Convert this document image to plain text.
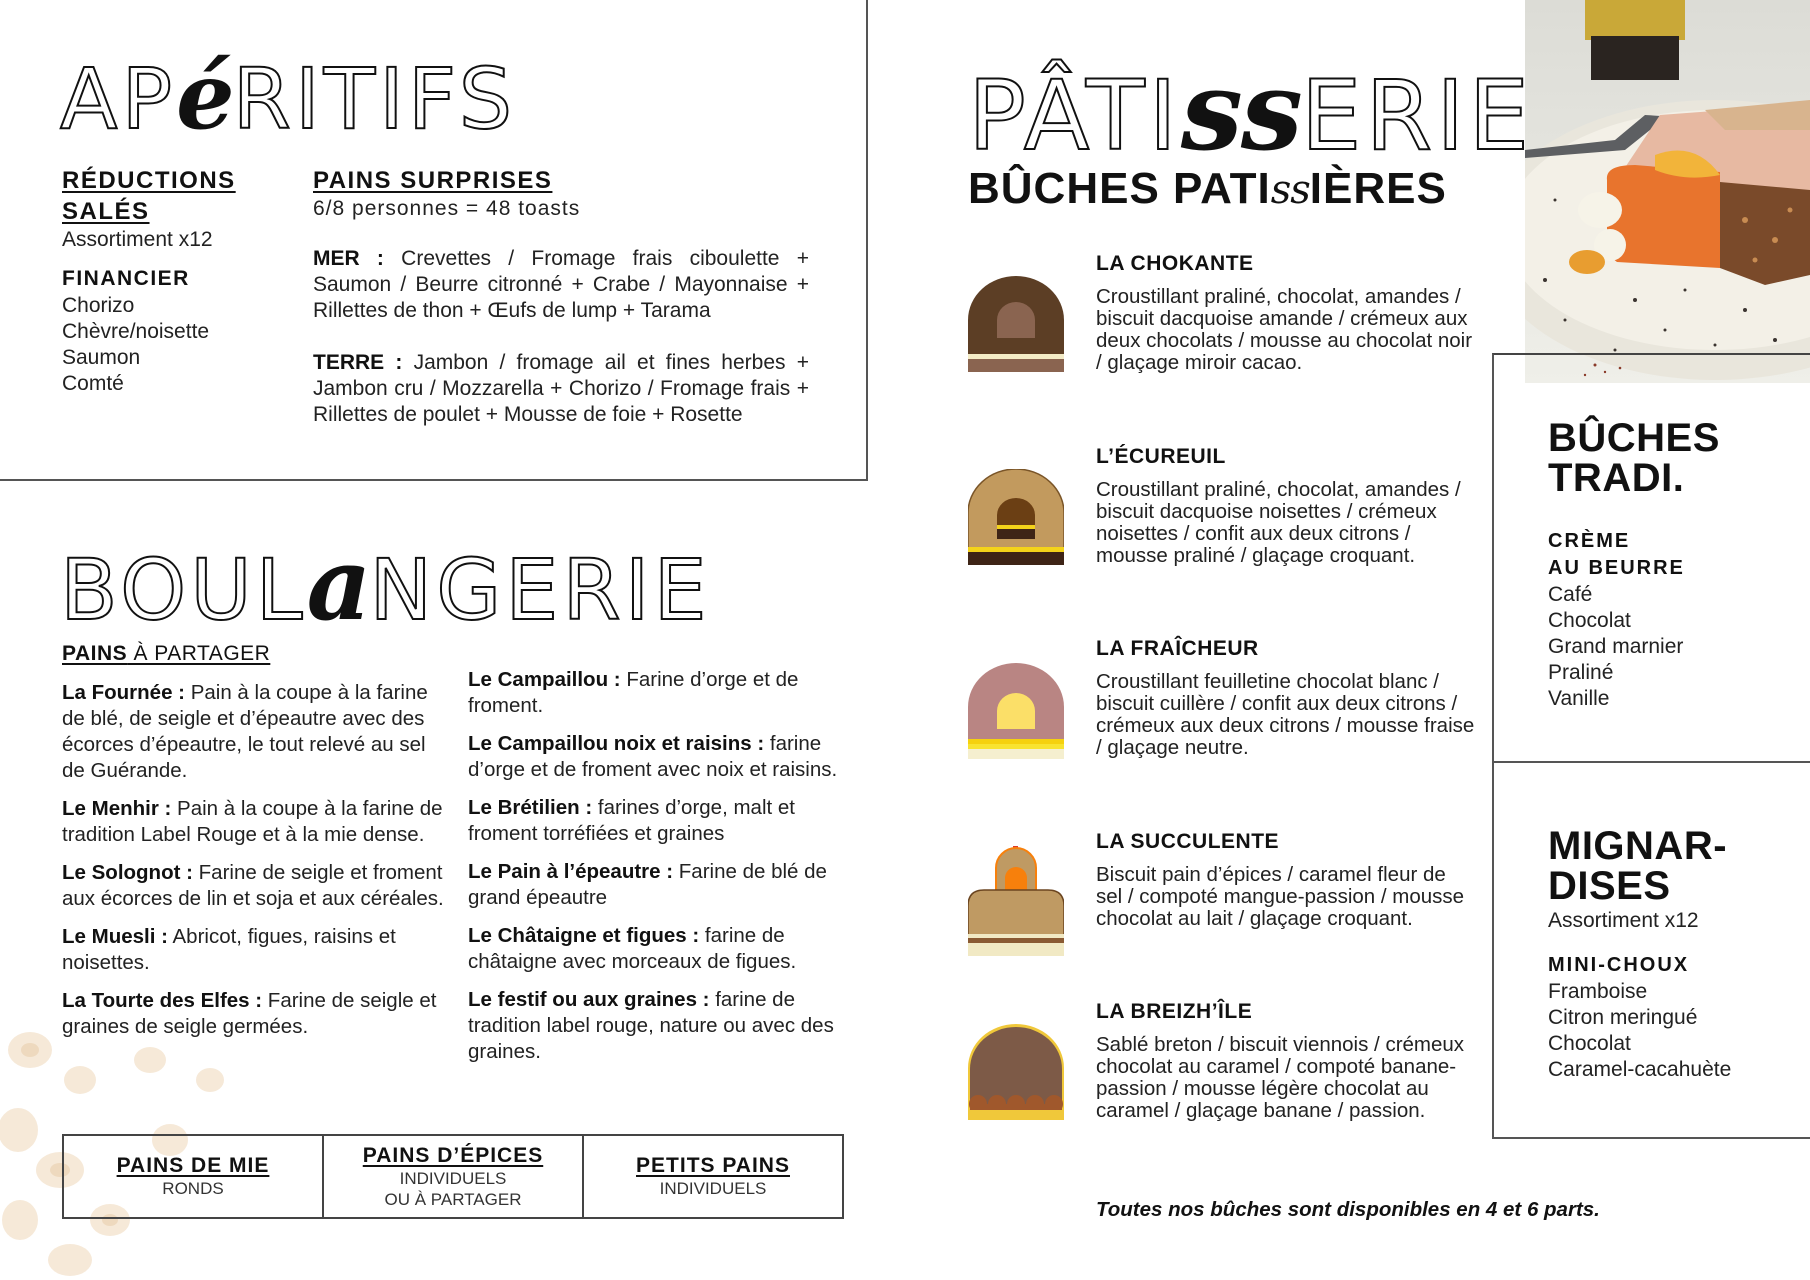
APéRITIFS
RÉDUCTIONS SALÉS
Assortiment x12
FINANCIER
Chorizo
Chèvre/noisette
Saumon
Comté
PAINS SURPRISES
6/8 personnes = 48 toasts

MER : Crevettes / Fromage frais ciboulette + Saumon / Beurre citronné + Crabe / Mayonnaise + Rillettes de thon + Œufs de lump + Tarama

TERRE : Jambon / fromage ail et fines herbes + Jambon cru / Mozzarella + Chorizo / Fromage frais + Rillettes de poulet + Mousse de foie + Rosette

BOULaNGERIE
PAINS À PARTAGER
La Fournée : Pain à la coupe à la farine de blé, de seigle et d’épeautre avec des écorces d’épeautre, le tout relevé au sel de Guérande.
Le Menhir : Pain à la coupe à la farine de tradition Label Rouge et à la mie dense.
Le Solognot : Farine de seigle et froment aux écorces de lin et soja et aux céréales.
Le Muesli : Abricot, figues, raisins et noisettes.
La Tourte des Elfes : Farine de seigle et graines de seigle germées.
Le Campaillou : Farine d’orge et de froment.
Le Campaillou noix et raisins : farine d’orge et de froment avec noix et raisins.
Le Brétilien : farines d’orge, malt et froment torréfiées et graines
Le Pain à l’épeautre : Farine de blé de grand épeautre
Le Châtaigne et figues : farine de châtaigne avec morceaux de figues.
Le festif ou aux graines : farine de tradition label rouge, nature ou avec des graines.
PAINS DE MIE
RONDS
PAINS D’ÉPICES
INDIVIDUELS
OU À PARTAGER
PETITS PAINS
INDIVIDUELS
PÂTIssERIE
BÛCHES PATIssIÈRES
LA CHOKANTE
Croustillant praliné, chocolat, amandes / biscuit dacquoise amande / crémeux aux deux chocolats / mousse au chocolat noir / glaçage miroir cacao.
L’ÉCUREUIL
Croustillant praliné, chocolat, amandes / biscuit dacquoise noisettes / crémeux noisettes / confit aux deux citrons / mousse praliné / glaçage croquant.
LA FRAÎCHEUR
Croustillant feuilletine chocolat blanc / biscuit cuillère / confit aux deux citrons / crémeux aux deux citrons / mousse fraise / glaçage neutre.
LA SUCCULENTE
Biscuit pain d’épices / caramel fleur de sel / compoté mangue-passion / mousse chocolat au lait / glaçage croquant.
LA BREIZH’ÎLE
Sablé breton / biscuit viennois / crémeux chocolat au caramel / compoté banane-passion / mousse légère chocolat au caramel / glaçage banane / passion.
Toutes nos bûches sont disponibles en 4 et 6 parts.
BÛCHES
TRADI.
CRÈME
AU BEURRE
Café
Chocolat
Grand marnier
Praliné
Vanille
MIGNAR-
DISES
Assortiment x12
MINI-CHOUX
Framboise
Citron meringué
Chocolat
Caramel-cacahuète
